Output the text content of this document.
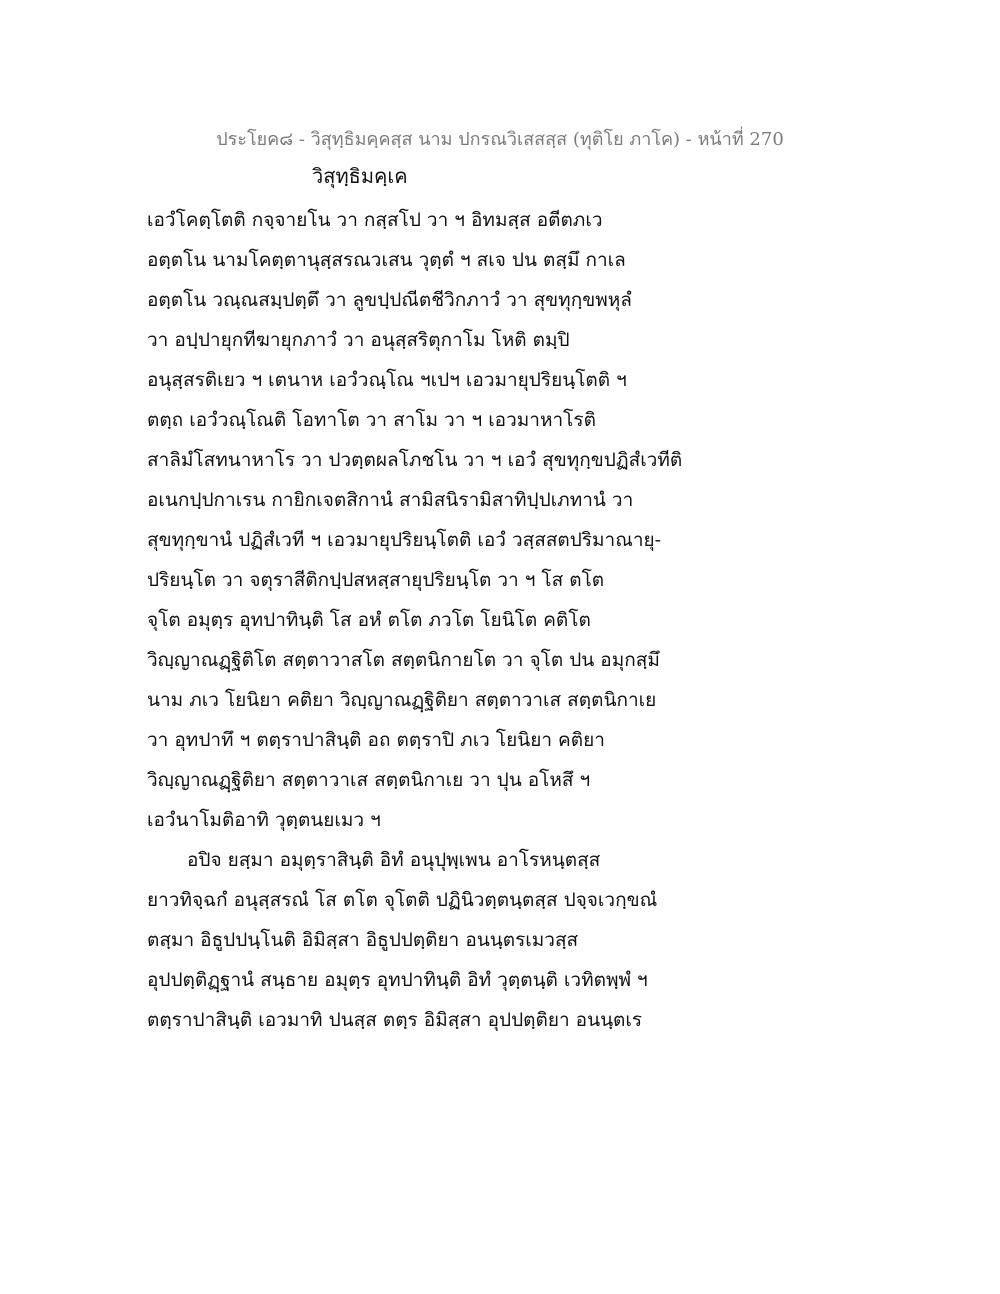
ประโยค๘ - วิสุทฺธิมคฺคสฺส นาม ปกรณวิเสสสฺส (ทุติโย ภาโค) - หน้าที่ 270
วิสุทฺธิมคฺเค
เอวํโคตฺโตติ กจฺจายโน วา กสฺสโป วา ฯ อิทมสฺส อตีตภเว
อตฺตโน นามโคตฺตานุสฺสรณวเสน วุตฺตํ ฯ สเจ ปน ตสฺมึ กาเล
อตฺตโน วณฺณสมฺปตฺตึ วา ลูขปฺปณีตชีวิกภาวํ วา สุขทุกฺขพหุลํ
วา อปฺปายุกทีฆายุกภาวํ วา อนุสฺสริตุกาโม โหติ ตมฺปิ
อนุสฺสรติเยว ฯ เตนาห เอวํวณฺโณ ฯเปฯ เอวมายุปริยนฺโตติ ฯ
ตตฺถ เอวํวณฺโณติ โอทาโต วา สาโม วา ฯ เอวมาหาโรติ
สาลิมํโสทนาหาโร วา ปวตฺตผลโภชโน วา ฯ เอวํ สุขทุกฺขปฏิสํเวทีติ
อเนกปฺปกาเรน กายิกเจตสิกานํ สามิสนิรามิสาทิปฺปเภทานํ วา
สุขทุกฺขานํ ปฏิสํเวที ฯ เอวมายุปริยนฺโตติ เอวํ วสฺสสตปริมาณายุ-
ปริยนฺโต วา จตุราสีติกปฺปสหสฺสายุปริยนฺโต วา ฯ โส ตโต
จุโต อมุตฺร อุทปาทินฺติ โส อหํ ตโต ภวโต โยนิโต คติโต
วิญฺญาณฏฺฐิติโต สตฺตาวาสโต สตฺตนิกายโต วา จุโต ปน อมุกสฺมึ
นาม ภเว โยนิยา คติยา วิญฺญาณฏฺฐิติยา สตฺตาวาเส สตฺตนิกาเย
วา อุทปาทึ ฯ ตตฺราปาสินฺติ อถ ตตฺราปิ ภเว โยนิยา คติยา
วิญฺญาณฏฺฐิติยา สตฺตาวาเส สตฺตนิกาเย วา ปุน อโหสึ ฯ
เอวํนาโมติอาทิ วุตฺตนยเมว ฯ
อปิจ ยสฺมา อมุตฺราสินฺติ อิทํ อนุปุพฺเพน อาโรหนฺตสฺส
ยาวทิจฺฉกํ อนุสฺสรณํ โส ตโต จุโตติ ปฏินิวตฺตนฺตสฺส ปจฺจเวกฺขณํ
ตสฺมา อิธูปปนฺโนติ อิมิสฺสา อิธูปปตฺติยา อนนฺตรเมวสฺส
อุปปตฺติฏฺฐานํ สนฺธาย อมุตฺร อุทปาทินฺติ อิทํ วุตฺตนฺติ เวทิตพฺพํ ฯ
ตตฺราปาสินฺติ เอวมาทิ ปนสฺส ตตฺร อิมิสฺสา อุปปตฺติยา อนนฺตเร
